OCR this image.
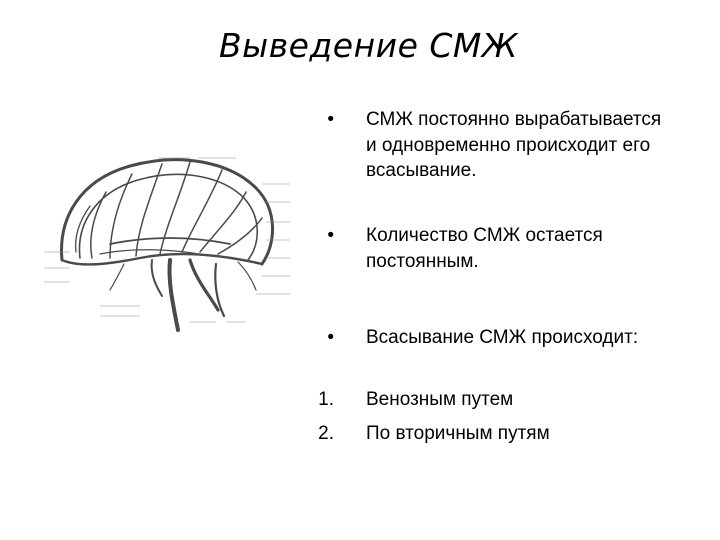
Выведение СМЖ
• СМЖ постоянно вырабатывается и одновременно происходит его всасывание.
• Количество СМЖ остается постоянным.
• Всасывание СМЖ происходит:
1. Венозным путем
2. По вторичным путям
